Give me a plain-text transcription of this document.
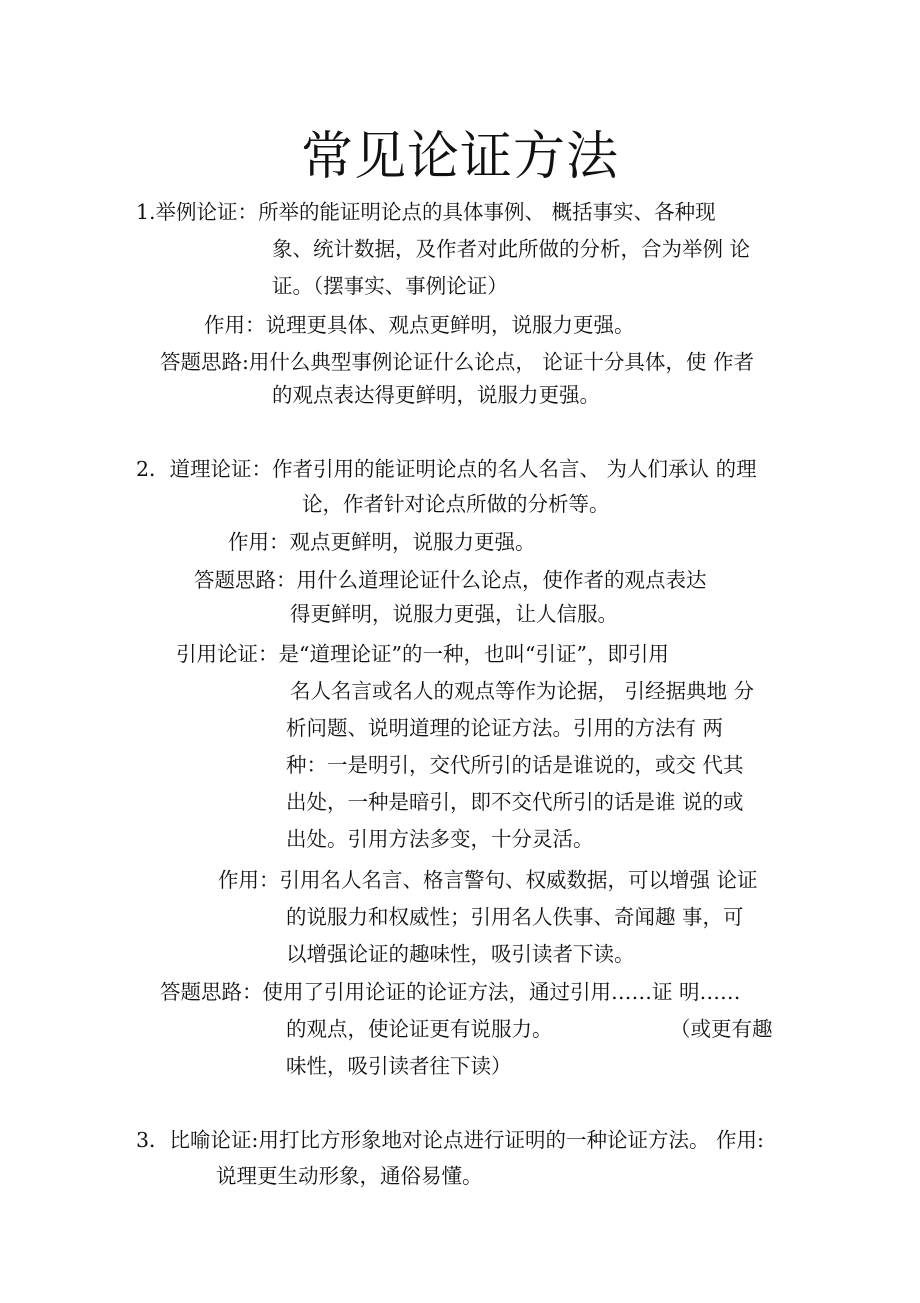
常见论证方法
1.举例论证：所举的能证明论点的具体事例、 概括事实、各种现
象、统计数据，及作者对此所做的分析，合为举例 论
证。（摆事实、事例论证）
作用：说理更具体、观点更鲜明，说服力更强。
答题思路:用什么典型事例论证什么论点， 论证十分具体，使 作者
的观点表达得更鲜明，说服力更强。
2．道理论证：作者引用的能证明论点的名人名言、 为人们承认 的理
论，作者针对论点所做的分析等。
作用：观点更鲜明，说服力更强。
答题思路：用什么道理论证什么论点，使作者的观点表达
得更鲜明，说服力更强，让人信服。
引用论证：是“道理论证”的一种，也叫“引证”，即引用
名人名言或名人的观点等作为论据， 引经据典地 分
析问题、说明道理的论证方法。引用的方法有 两
种：一是明引，交代所引的话是谁说的，或交 代其
出处，一种是暗引，即不交代所引的话是谁 说的或
出处。引用方法多变，十分灵活。
作用：引用名人名言、格言警句、权威数据，可以增强 论证
的说服力和权威性；引用名人佚事、奇闻趣 事，可
以增强论证的趣味性，吸引读者下读。
答题思路：使用了引用论证的论证方法，通过引用……证 明……
的观点，使论证更有说服力。	（或更有趣
味性，吸引读者往下读）
3．比喻论证:用打比方形象地对论点进行证明的一种论证方法。 作用:
说理更生动形象，通俗易懂。
